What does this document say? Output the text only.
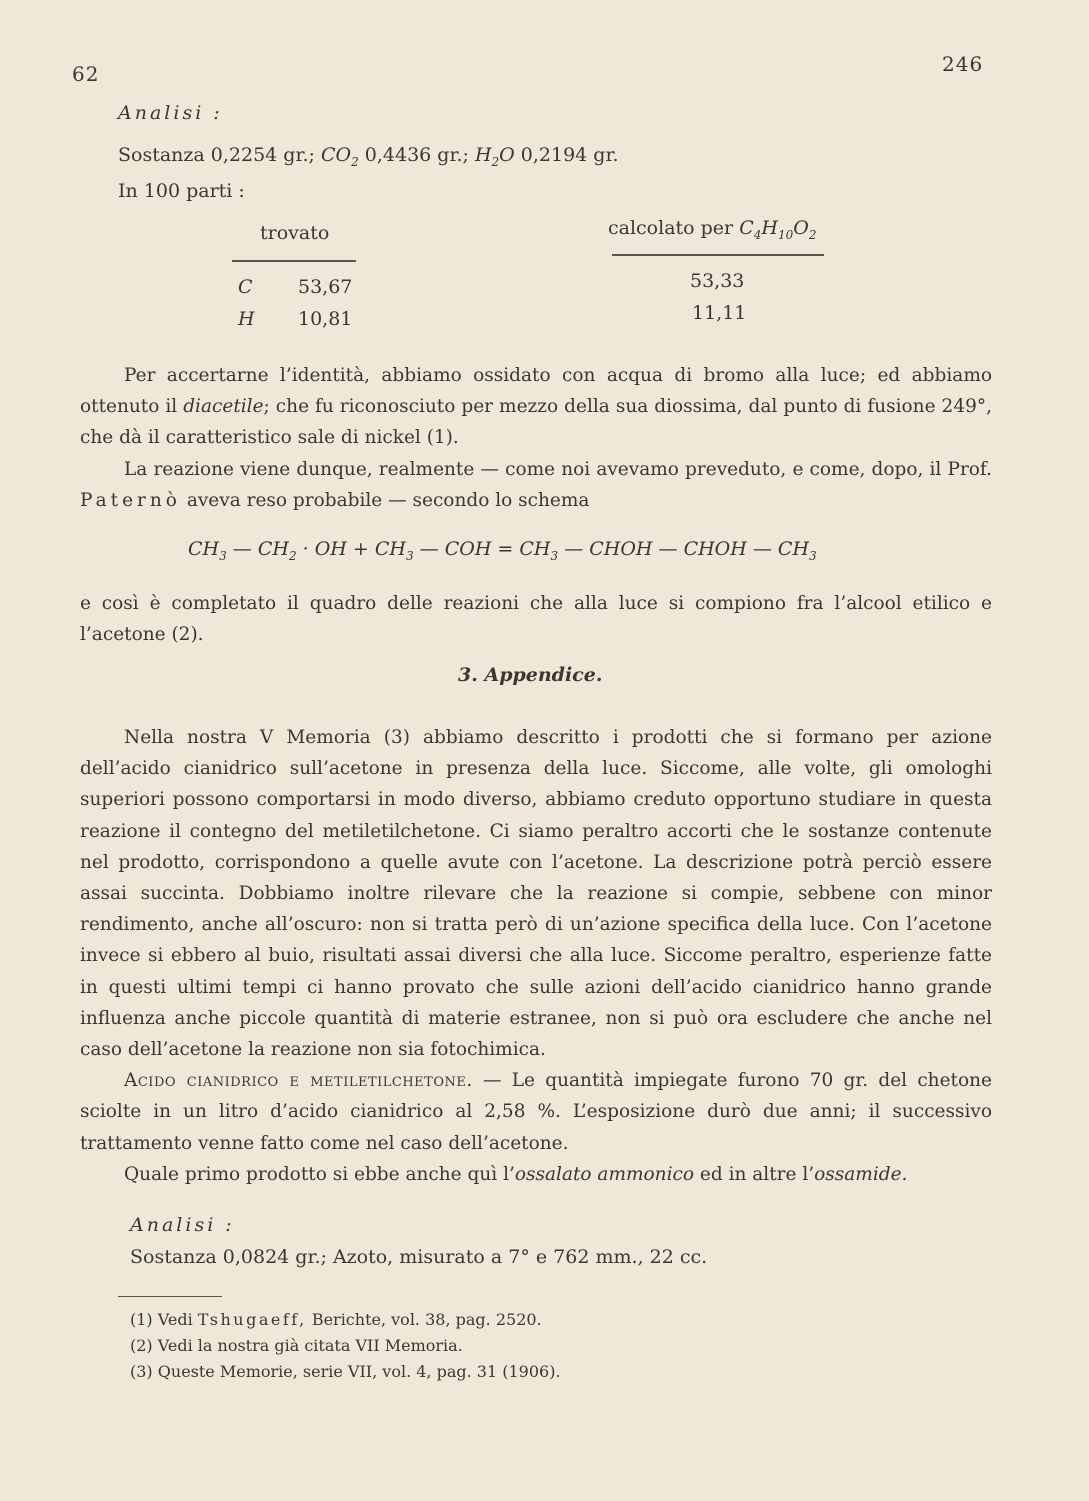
62	246
Analisi :
Sostanza 0,2254 gr.; $CO_2$ 0,4436 gr.; $H_2O$ 0,2194 gr.
In 100 parti :
trovato	calcolato per $C_4H_{10}O_2$
C 53,67	53,33
H 10,81	11,11

Per accertarne l’identità, abbiamo ossidato con acqua di bromo alla luce; ed abbiamo ottenuto il diacetile; che fu riconosciuto per mezzo della sua diossima, dal punto di fusione 249°, che dà il caratteristico sale di nickel (1).

La reazione viene dunque, realmente — come noi avevamo preveduto, e come, dopo, il Prof. Paternò aveva reso probabile — secondo lo schema

$CH_3$ — $CH_2$ · OH + $CH_3$ — COH = $CH_3$ — CHOH — CHOH — $CH_3$

e così è completato il quadro delle reazioni che alla luce si compiono fra l’alcool etilico e l’acetone (2).

3. Appendice.

Nella nostra V Memoria (3) abbiamo descritto i prodotti che si formano per azione dell’acido cianidrico sull’acetone in presenza della luce. Siccome, alle volte, gli omologhi superiori possono comportarsi in modo diverso, abbiamo creduto opportuno studiare in questa reazione il contegno del metiletilchetone. Ci siamo peraltro accorti che le sostanze contenute nel prodotto, corrispondono a quelle avute con l’acetone. La descrizione potrà perciò essere assai succinta. Dobbiamo inoltre rilevare che la reazione si compie, sebbene con minor rendimento, anche all’oscuro: non si tratta però di un’azione specifica della luce. Con l’acetone invece si ebbero al buio, risultati assai diversi che alla luce. Siccome peraltro, esperienze fatte in questi ultimi tempi ci hanno provato che sulle azioni dell’acido cianidrico hanno grande influenza anche piccole quantità di materie estranee, non si può ora escludere che anche nel caso dell’acetone la reazione non sia fotochimica.

Acido cianidrico e metiletilchetone. — Le quantità impiegate furono 70 gr. del chetone sciolte in un litro d’acido cianidrico al 2,58 %. L’esposizione durò due anni; il successivo trattamento venne fatto come nel caso dell’acetone.

Quale primo prodotto si ebbe anche quì l’ossalato ammonico ed in altre l’ossamide.

Analisi :
Sostanza 0,0824 gr.; Azoto, misurato a 7° e 762 mm., 22 cc.
(1) Vedi Tshugaeff, Berichte, vol. 38, pag. 2520.
(2) Vedi la nostra già citata VII Memoria.
(3) Queste Memorie, serie VII, vol. 4, pag. 31 (1906).
